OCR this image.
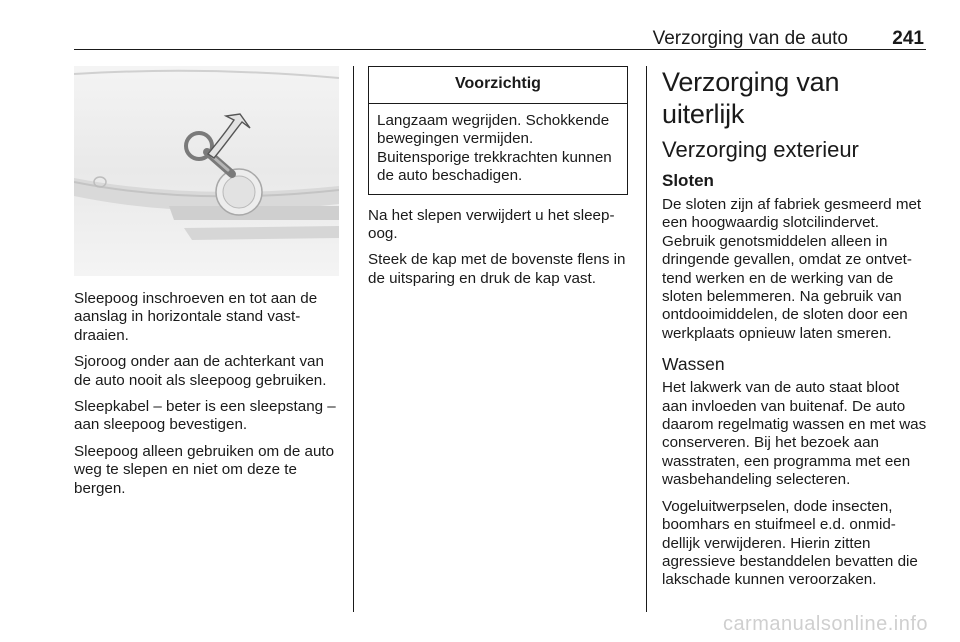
Verzorging van de auto 241

Sleepoog inschroeven en tot aan de aanslag in horizontale stand vastdraaien.

Sjoroog onder aan de achterkant van de auto nooit als sleepoog gebruiken.

Sleepkabel – beter is een sleepstang – aan sleepoog bevestigen.

Sleepoog alleen gebruiken om de auto weg te slepen en niet om deze te bergen.

Voorzichtig
Langzaam wegrijden. Schokkende bewegingen vermijden. Buitensporige trekkrachten kunnen de auto beschadigen.

Na het slepen verwijdert u het sleepoog.

Steek de kap met de bovenste flens in de uitsparing en druk de kap vast.

Verzorging van uiterlijk
Verzorging exterieur
Sloten

De sloten zijn af fabriek gesmeerd met een hoogwaardig slotcilindervet. Gebruik genotsmiddelen alleen in dringende gevallen, omdat ze ontvettend werken en de werking van de sloten belemmeren. Na gebruik van ontdooimiddelen, de sloten door een werkplaats opnieuw laten smeren.

Wassen

Het lakwerk van de auto staat bloot aan invloeden van buitenaf. De auto daarom regelmatig wassen en met was conserveren. Bij het bezoek aan wasstraten, een programma met een wasbehandeling selecteren.

Vogeluitwerpselen, dode insecten, boomhars en stuifmeel e.d. onmiddellijk verwijderen. Hierin zitten agressieve bestanddelen bevatten die lakschade kunnen veroorzaken.

carmanualsonline.info
